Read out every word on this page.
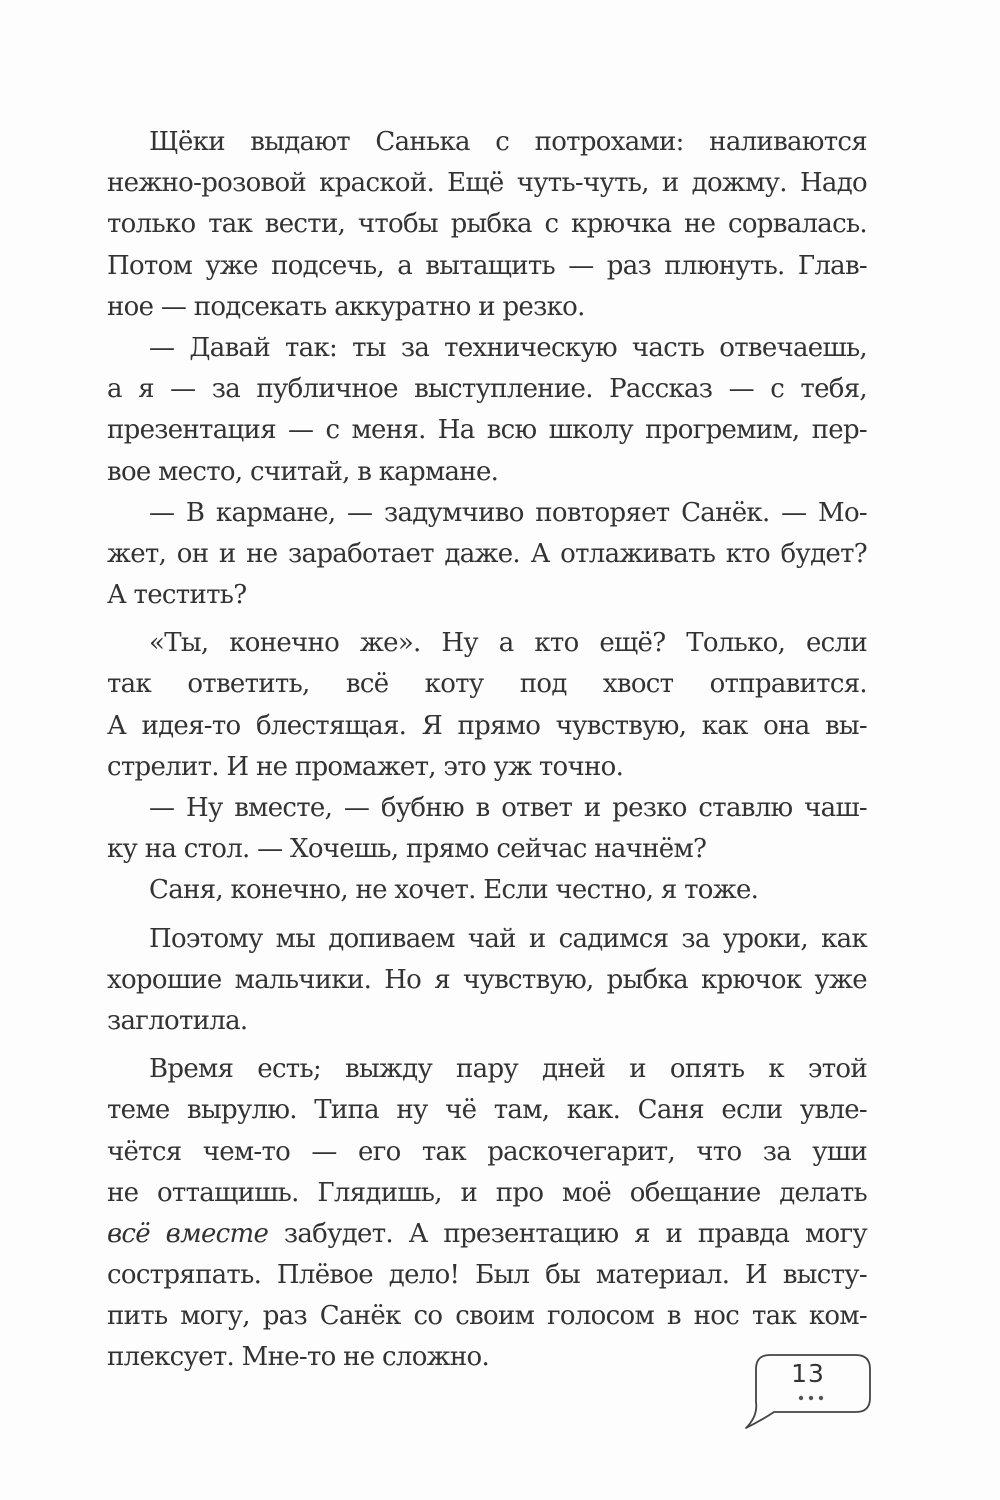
Щёки выдают Санька с потрохами: наливаются
нежно-розовой краской. Ещё чуть-чуть, и дожму. Надо
только так вести, чтобы рыбка с крючка не сорвалась.
Потом уже подсечь, а вытащить — раз плюнуть. Глав-
ное — подсекать аккуратно и резко.
— Давай так: ты за техническую часть отвечаешь,
а я — за публичное выступление. Рассказ — с тебя,
презентация — с меня. На всю школу прогремим, пер-
вое место, считай, в кармане.
— В кармане, — задумчиво повторяет Санёк. — Мо-
жет, он и не заработает даже. А отлаживать кто будет?
А тестить?
«Ты, конечно же». Ну а кто ещё? Только, если
так ответить, всё коту под хвост отправится.
А идея-то блестящая. Я прямо чувствую, как она вы-
стрелит. И не промажет, это уж точно.
— Ну вместе, — бубню в ответ и резко ставлю чаш-
ку на стол. — Хочешь, прямо сейчас начнём?
Саня, конечно, не хочет. Если честно, я тоже.
Поэтому мы допиваем чай и садимся за уроки, как
хорошие мальчики. Но я чувствую, рыбка крючок уже
заглотила.
Время есть; выжду пару дней и опять к этой
теме вырулю. Типа ну чё там, как. Саня если увле-
чётся чем-то — его так раскочегарит, что за уши
не оттащишь. Глядишь, и про моё обещание делать
всё вместе забудет. А презентацию я и правда могу
состряпать. Плёвое дело! Был бы материал. И высту-
пить могу, раз Санёк со своим голосом в нос так ком-
плексует. Мне-то не сложно.
13
